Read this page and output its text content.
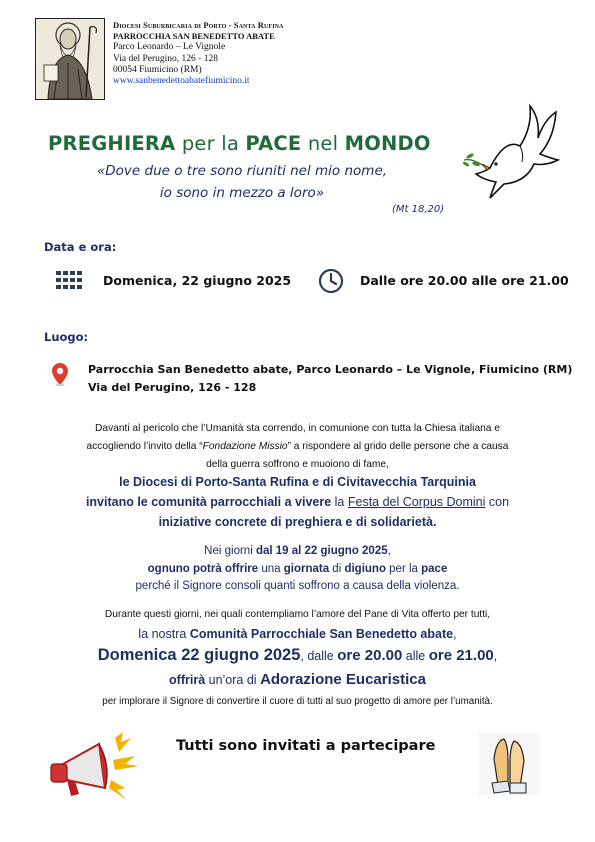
Diocesi Suburbicaria di Porto - Santa Rufina
PARROCCHIA SAN BENEDETTO ABATE
Parco Leonardo – Le Vignole
Via del Perugino, 126 - 128
00054 Fiumicino (RM)
www.sanbenedettoabatefiumicino.it
PREGHIERA per la PACE nel MONDO
«Dove due o tre sono riuniti nel mio nome,
io sono in mezzo a loro»
(Mt 18,20)
Data e ora:
Domenica, 22 giugno 2025	Dalle ore 20.00 alle ore 21.00
Luogo:
Parrocchia San Benedetto abate, Parco Leonardo – Le Vignole, Fiumicino (RM)
Via del Perugino, 126 - 128
Davanti al pericolo che l’Umanità sta correndo, in comunione con tutta la Chiesa italiana e
accogliendo l’invito della “Fondazione Missio” a rispondere al grido delle persone che a causa
della guerra soffrono e muoiono di fame,
le Diocesi di Porto-Santa Rufina e di Civitavecchia Tarquinia
invitano le comunità parrocchiali a vivere la Festa del Corpus Domini con
iniziative concrete di preghiera e di solidarietà.
Nei giorni dal 19 al 22 giugno 2025,
ognuno potrà offrire una giornata di digiuno per la pace
perché il Signore consoli quanti soffrono a causa della violenza.
Durante questi giorni, nei quali contempliamo l’amore del Pane di Vita offerto per tutti,
la nostra Comunità Parrocchiale San Benedetto abate,
Domenica 22 giugno 2025, dalle ore 20.00 alle ore 21.00,
offrirà un’ora di Adorazione Eucaristica
per implorare il Signore di convertire il cuore di tutti al suo progetto di amore per l’umanità.
Tutti sono invitati a partecipare
